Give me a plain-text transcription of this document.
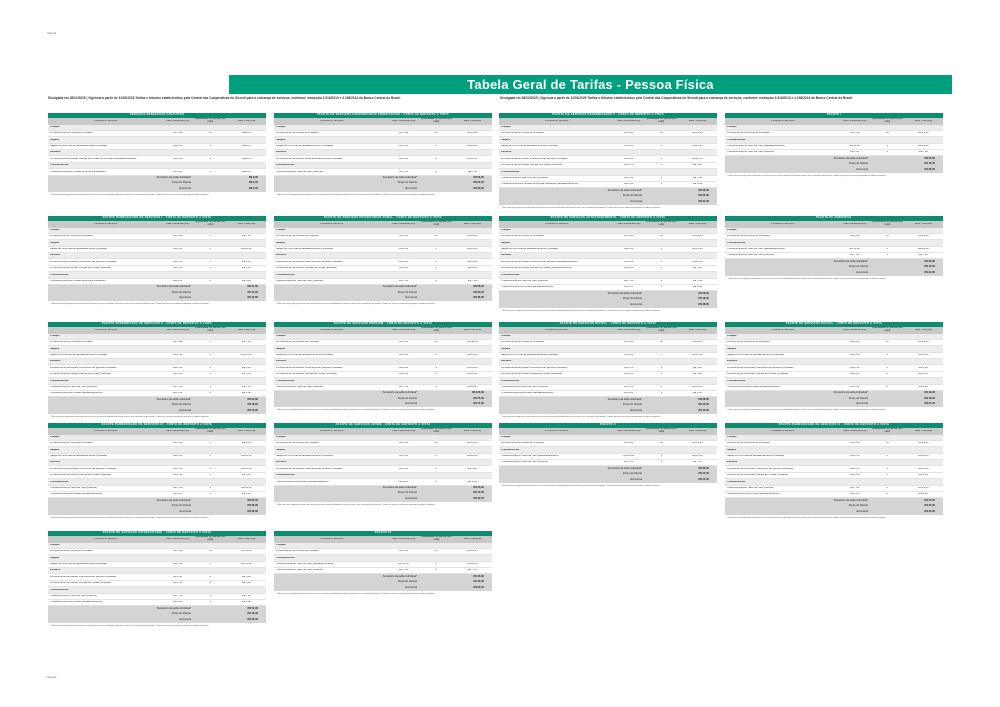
Interna
Interna
Tabela Geral de Tarifas - Pessoa Física
Divulgada em 28/02/2025 | Vigência a partir de 31/03/2025 Tarifas e tributos estabelecidos pela Central das Cooperativas do Sicredi para a cobrança de serviços, conforme resolução 3.919/2010 e 4.196/2013 do Banco Central do Brasil.	Divulgada em 28/02/2025 | Vigência a partir de 31/03/2025 Tarifas e tributos estabelecidos pela Central das Cooperativas do Sicredi para a cobrança de serviços, conforme resolução 3.919/2010 e 4.196/2013 do Banco Central do Brasil.
SERVIÇOS ESSENCIAIS GRATUITOS
Produtos e Serviços	Valor Individual (R$)	Quantidade no pacote (por mês)	Valor Total (R$)
Cheque
Fornecimento de Folhas de Cheques	R$ 1,90	10	ISENTO
Saques
Saque em terminal de autoatendimento (Pessoal)	R$ 2,50	4	ISENTO
Extratos
Fornecimento de extrato mensal de contas no terminal de autoatendimento	R$ 2,50	2	ISENTO
Transferências
Transferência entre contas na própria instituição	R$ 0,00	2	ISENTO
Somatório da tarifa individual*	R$ 0,00
Preço do Pacote	R$ 0,00
Economia	R$ 0,00
* Valor que seria pago pelo associado caso os serviços fossem utilizados de forma avulsa, sem contratação de pacote. Confira os serviços essenciais gratuitos na tabela completa.
PACOTE DE SERVIÇOS PADRONIZADOS PRIORITÁRIOS - CONTA DE DEPÓSITO À VISTA
Produtos e Serviços	Valor Individual (R$)	Quantidade no pacote (por mês)	Valor Total (R$)
Cheque
Fornecimento de Folhas de Cheques	R$ 1,90	10	R$ 19,00
Saques
Saque em terminal de autoatendimento (Pessoal)	R$ 2,50	8	R$ 20,00
Extratos
Fornecimento de extrato movimento do período (Pessoal)	R$ 2,50	4	R$ 10,00
Transferências
Transferência por meio de TED (internet)	R$ 7,00	1	R$ 7,00
Somatório da tarifa individual*	R$ 56,00
Preço do Pacote	R$ 23,00
Economia	R$ 33,00
* Valor que seria pago pelo associado caso os serviços fossem utilizados de forma avulsa, sem contratação de pacote. Confira os serviços essenciais gratuitos na tabela completa.
PACOTE DE SERVIÇOS PADRONIZADOS II - CONTA DE DEPÓSITO À VISTA
Produtos e Serviços	Valor Individual (R$)	Quantidade no pacote (por mês)	Valor Total (R$)
Cheque
Fornecimento de Folhas de Cheques	R$ 1,90	10	R$ 19,00
Saques
Saque em terminal de autoatendimento (Pessoal)	R$ 2,50	6	R$ 15,00
Extratos
Fornecimento de extrato movimento do período (Pessoal)	R$ 2,50	4	R$ 10,00
Fornecimento de extrato mensal de contas (Pessoal)	R$ 2,50	2	R$ 5,00
Transferências
Transferência por meio de TED (internet)	R$ 7,00	1	R$ 7,00
Transferência entre contas na própria instituição (autoatendimento)	R$ 0,00	2	R$ 0,00
Somatório da tarifa individual*	R$ 56,00
Preço do Pacote	R$ 22,00
Economia	R$ 34,00
* Valor que seria pago pelo associado caso os serviços fossem utilizados de forma avulsa, sem contratação de pacote. Confira os serviços essenciais gratuitos na tabela completa.
PACOTE I
Produtos e Serviços	Valor Individual (R$)	Quantidade no pacote (por mês)	Valor Total (R$)
Cheque
Fornecimento de Folhas de Cheques	R$ 1,90	10	R$ 19,00
Transferências
Transferência por meio de TED (autoatendimento)	R$ 10,00	1	R$ 10,00
Transferência por meio de TED (internet)	R$ 7,00	1	R$ 7,00
Somatório da tarifa individual*	R$ 36,00
Preço do Pacote	R$ 10,00
Economia	R$ 26,00
* Valor que seria pago pelo associado caso os serviços fossem utilizados de forma avulsa, sem contratação de pacote. Confira os serviços essenciais gratuitos na tabela completa.
PACOTE PADRONIZADO DE SERVIÇOS I - CONTA DE DEPÓSITO À VISTA
Produtos e Serviços	Valor Individual (R$)	Quantidade no pacote (por mês)	Valor Total (R$)
Cheque
Fornecimento de Folhas de Cheques	R$ 1,90	4	R$ 7,60
Saques
Saque em terminal de autoatendimento (Pessoal)	R$ 2,50	4	R$ 10,00
Extratos
Fornecimento de extrato movimento do período (Pessoal)	R$ 2,50	2	R$ 5,00
Fornecimento de extrato mensal de contas (Pessoal)	R$ 2,50	2	R$ 5,00
Transferências
Transferência entre contas na própria instituição	R$ 0,00	2	R$ 0,00
Somatório da tarifa individual*	R$ 27,60
Preço do Pacote	R$ 15,00
Economia	R$ 12,60
* Valor que seria pago pelo associado caso os serviços fossem utilizados de forma avulsa, sem contratação de pacote. Confira os serviços essenciais gratuitos na tabela completa.
PACOTE DE SERVIÇOS PRIORITÁRIOS RURAL - CONTA DE DEPÓSITO À VISTA
Produtos e Serviços	Valor Individual (R$)	Quantidade no pacote (por mês)	Valor Total (R$)
Cheque
Fornecimento de Folhas de Cheques	R$ 1,90	10	R$ 19,00
Saques
Saque em terminal de autoatendimento (Pessoal)	R$ 2,50	6	R$ 15,00
Extratos
Fornecimento de extrato movimento do período (Pessoal)	R$ 2,50	4	R$ 10,00
Fornecimento de extrato mensal de contas (Pessoal)	R$ 2,50	2	R$ 5,00
Transferências
Transferência por meio de TED (internet)	R$ 7,00	1	R$ 7,00
Somatório da tarifa individual*	R$ 56,00
Preço do Pacote	R$ 20,00
Economia	R$ 36,00
* Valor que seria pago pelo associado caso os serviços fossem utilizados de forma avulsa, sem contratação de pacote. Confira os serviços essenciais gratuitos na tabela completa.
PACOTE DE SERVIÇOS AUTOATENDIMENTO - CONTA DE DEPÓSITO À VISTA
Produtos e Serviços	Valor Individual (R$)	Quantidade no pacote (por mês)	Valor Total (R$)
Cheque
Fornecimento de Folhas de Cheques	R$ 1,90	10	R$ 19,00
Saques
Saque em terminal de autoatendimento (Pessoal)	R$ 2,50	6	R$ 15,00
Extratos
Fornecimento de extrato movimento do período (autoatendimento)	R$ 2,50	4	R$ 10,00
Fornecimento de extrato mensal de contas (autoatendimento)	R$ 2,50	2	R$ 5,00
Transferências
Transferência por meio de TED (internet)	R$ 7,00	1	R$ 7,00
Transferência entre contas (autoatendimento)	R$ 0,00	2	R$ 0,00
Somatório da tarifa individual*	R$ 56,00
Preço do Pacote	R$ 18,00
Economia	R$ 38,00
* Valor que seria pago pelo associado caso os serviços fossem utilizados de forma avulsa, sem contratação de pacote. Confira os serviços essenciais gratuitos na tabela completa.
PACOTE PF AMBIENTAL
Produtos e Serviços	Valor Individual (R$)	Quantidade no pacote (por mês)	Valor Total (R$)
Cheque
Fornecimento de Folhas de Cheques	R$ 1,90	10	R$ 19,00
Transferências
Transferência por meio de TED (autoatendimento)	R$ 10,00	1	R$ 10,00
Transferência por meio de TED (internet)	R$ 7,00	1	R$ 7,00
Somatório da tarifa individual*	R$ 36,00
Preço do Pacote	R$ 12,00
Economia	R$ 24,00
* Valor que seria pago pelo associado caso os serviços fossem utilizados de forma avulsa, sem contratação de pacote. Confira os serviços essenciais gratuitos na tabela completa.
PACOTE PADRONIZADO DE SERVIÇOS II - CONTA DE DEPÓSITO À VISTA
Produtos e Serviços	Valor Individual (R$)	Quantidade no pacote (por mês)	Valor Total (R$)
Cheque
Fornecimento de Folhas de Cheques	R$ 1,90	4	R$ 7,60
Saques
Saque em terminal de autoatendimento (Pessoal)	R$ 2,50	4	R$ 10,00
Extratos
Fornecimento de extrato movimento do período (Pessoal)	R$ 2,50	2	R$ 5,00
Fornecimento de extrato mensal de contas (Pessoal)	R$ 2,50	2	R$ 5,00
Transferências
Transferência por meio de TED (internet)	R$ 7,00	1	R$ 7,00
Transferência entre contas (autoatendimento)	R$ 0,00	2	R$ 0,00
Somatório da tarifa individual*	R$ 34,60
Preço do Pacote	R$ 18,00
Economia	R$ 16,60
* Valor que seria pago pelo associado caso os serviços fossem utilizados de forma avulsa, sem contratação de pacote. Confira os serviços essenciais gratuitos na tabela completa.
PACOTE DE SERVIÇOS PREMIUM - CONTA DE DEPÓSITO À VISTA
Produtos e Serviços	Valor Individual (R$)	Quantidade no pacote (por mês)	Valor Total (R$)
Cheque
Fornecimento de Folhas de Cheques	R$ 1,90	20	R$ 38,00
Saques
Saque em terminal de autoatendimento (Pessoal)	R$ 2,50	8	R$ 20,00
Extratos
Fornecimento de extrato movimento do período (Pessoal)	R$ 2,50	4	R$ 10,00
Fornecimento de extrato mensal de contas (Pessoal)	R$ 2,50	4	R$ 10,00
Transferências
Transferência por meio de TED (internet)	R$ 7,00	4	R$ 28,00
Somatório da tarifa individual*	R$ 106,00
Preço do Pacote	R$ 35,00
Economia	R$ 71,00
* Valor que seria pago pelo associado caso os serviços fossem utilizados de forma avulsa, sem contratação de pacote. Confira os serviços essenciais gratuitos na tabela completa.
PACOTE DE SERVIÇOS DIGITAL - CONTA DE DEPÓSITO À VISTA
Produtos e Serviços	Valor Individual (R$)	Quantidade no pacote (por mês)	Valor Total (R$)
Cheque
Fornecimento de Folhas de Cheques	R$ 1,90	10	R$ 19,00
Saques
Saque em terminal de autoatendimento (Pessoal)	R$ 2,50	6	R$ 15,00
Extratos
Fornecimento de extrato movimento do período (Pessoal)	R$ 2,50	2	R$ 5,00
Fornecimento de extrato mensal de contas (Pessoal)	R$ 2,50	2	R$ 5,00
Transferências
Transferência por meio de TED (internet)	R$ 7,00	2	R$ 14,00
Transferência entre contas (autoatendimento)	R$ 0,00	4	R$ 0,00
Somatório da tarifa individual*	R$ 58,00
Preço do Pacote	R$ 15,00
Economia	R$ 43,00
* Valor que seria pago pelo associado caso os serviços fossem utilizados de forma avulsa, sem contratação de pacote. Confira os serviços essenciais gratuitos na tabela completa.
PACOTE DE SERVIÇOS DIGITAL - CONTA DE DEPÓSITO À VISTA
Produtos e Serviços	Valor Individual (R$)	Quantidade no pacote (por mês)	Valor Total (R$)
Cheque
Fornecimento de Folhas de Cheques	R$ 1,90	10	R$ 19,00
Saques
Saque em terminal de autoatendimento (Pessoal)	R$ 2,50	8	R$ 20,00
Extratos
Fornecimento de extrato movimento do período (Pessoal)	R$ 2,50	2	R$ 5,00
Fornecimento de extrato mensal de contas (Pessoal)	R$ 2,50	2	R$ 5,00
Transferências
Transferência entre contas (autoatendimento)	R$ 0,00	2	R$ 0,00
Somatório da tarifa individual*	R$ 49,00
Preço do Pacote	R$ 18,00
Economia	R$ 31,00
* Valor que seria pago pelo associado caso os serviços fossem utilizados de forma avulsa, sem contratação de pacote. Confira os serviços essenciais gratuitos na tabela completa.
PACOTE PADRONIZADO DE SERVIÇOS III - CONTA DE DEPÓSITO À VISTA
Produtos e Serviços	Valor Individual (R$)	Quantidade no pacote (por mês)	Valor Total (R$)
Cheque
Fornecimento de Folhas de Cheques	R$ 1,90	5	R$ 9,50
Saques
Saque em terminal de autoatendimento (Pessoal)	R$ 2,50	6	R$ 15,00
Extratos
Fornecimento de extrato movimento do período (Pessoal)	R$ 2,50	4	R$ 10,00
Fornecimento de extrato mensal de contas (Pessoal)	R$ 2,50	2	R$ 5,00
Transferências
Transferência por meio de TED (internet)	R$ 7,00	2	R$ 14,00
Transferência entre contas (autoatendimento)	R$ 0,00	2	R$ 0,00
Somatório da tarifa individual*	R$ 53,50
Preço do Pacote	R$ 25,00
Economia	R$ 28,50
* Valor que seria pago pelo associado caso os serviços fossem utilizados de forma avulsa, sem contratação de pacote. Confira os serviços essenciais gratuitos na tabela completa.
PACOTE DE SERVIÇOS JOVEM - CONTA DE DEPÓSITO À VISTA
Produtos e Serviços	Valor Individual (R$)	Quantidade no pacote (por mês)	Valor Total (R$)
Cheque
Fornecimento de Folhas de Cheques	R$ 1,90	10	R$ 19,00
Saques
Saque em terminal de autoatendimento (Pessoal)	R$ 2,50	8	R$ 20,00
Extratos
Fornecimento de extrato movimento do período (Pessoal)	R$ 2,50	2	R$ 5,00
Transferências
Transferência entre contas (autoatendimento)	R$ 0,00	4	R$ 0,00
Somatório da tarifa individual*	R$ 44,00
Preço do Pacote	R$ 12,00
Economia	R$ 32,00
* Valor que seria pago pelo associado caso os serviços fossem utilizados de forma avulsa, sem contratação de pacote. Confira os serviços essenciais gratuitos na tabela completa.
PACOTE II
Produtos e Serviços	Valor Individual (R$)	Quantidade no pacote (por mês)	Valor Total (R$)
Cheque
Fornecimento de Folhas de Cheques	R$ 1,90	10	R$ 19,00
Transferências
Transferência por meio de TED (autoatendimento)	R$ 10,00	1	R$ 10,00
Transferência por meio de TED (internet)	R$ 7,00	1	R$ 7,00
Somatório da tarifa individual*	R$ 36,00
Preço do Pacote	R$ 14,00
Economia	R$ 22,00
* Valor que seria pago pelo associado caso os serviços fossem utilizados de forma avulsa, sem contratação de pacote. Confira os serviços essenciais gratuitos na tabela completa.
PACOTE PADRONIZADO DE SERVIÇOS IV - CONTA DE DEPÓSITO À VISTA
Produtos e Serviços	Valor Individual (R$)	Quantidade no pacote (por mês)	Valor Total (R$)
Cheque
Fornecimento de Folhas de Cheques	R$ 1,90	10	R$ 19,00
Saques
Saque em terminal de autoatendimento (Pessoal)	R$ 2,50	8	R$ 20,00
Extratos
Fornecimento de extrato movimento do período (Pessoal)	R$ 2,50	4	R$ 10,00
Fornecimento de extrato mensal de contas (Pessoal)	R$ 2,50	2	R$ 5,00
Transferências
Transferência por meio de TED (internet)	R$ 7,00	3	R$ 21,00
Transferência entre contas (autoatendimento)	R$ 0,00	4	R$ 0,00
Somatório da tarifa individual*	R$ 75,00
Preço do Pacote	R$ 30,00
Economia	R$ 45,00
* Valor que seria pago pelo associado caso os serviços fossem utilizados de forma avulsa, sem contratação de pacote. Confira os serviços essenciais gratuitos na tabela completa.
PACOTE DE SERVIÇOS UNIVERSITÁRIO - CONTA DE DEPÓSITO À VISTA
Produtos e Serviços	Valor Individual (R$)	Quantidade no pacote (por mês)	Valor Total (R$)
Cheque
Fornecimento de Folhas de Cheques	R$ 1,90	10	R$ 19,00
Saques
Saque em terminal de autoatendimento (Pessoal)	R$ 2,50	6	R$ 15,00
Extratos
Fornecimento de extrato movimento do período (Pessoal)	R$ 2,50	2	R$ 5,00
Fornecimento de extrato mensal de contas (Pessoal)	R$ 2,50	2	R$ 5,00
Transferências
Transferência por meio de TED (internet)	R$ 7,00	1	R$ 7,00
Transferência entre contas (autoatendimento)	R$ 0,00	2	R$ 0,00
Somatório da tarifa individual*	R$ 51,00
Preço do Pacote	R$ 16,00
Economia	R$ 35,00
* Valor que seria pago pelo associado caso os serviços fossem utilizados de forma avulsa, sem contratação de pacote. Confira os serviços essenciais gratuitos na tabela completa.
PACOTE III
Produtos e Serviços	Valor Individual (R$)	Quantidade no pacote (por mês)	Valor Total (R$)
Cheque
Fornecimento de Folhas de Cheques	R$ 1,90	10	R$ 19,00
Transferências
Transferência por meio de TED (autoatendimento)	R$ 10,00	1	R$ 10,00
Transferência por meio de TED (internet)	R$ 7,00	1	R$ 7,00
Somatório da tarifa individual*	R$ 36,00
Preço do Pacote	R$ 16,00
Economia	R$ 20,00
* Valor que seria pago pelo associado caso os serviços fossem utilizados de forma avulsa, sem contratação de pacote. Confira os serviços essenciais gratuitos na tabela completa.
